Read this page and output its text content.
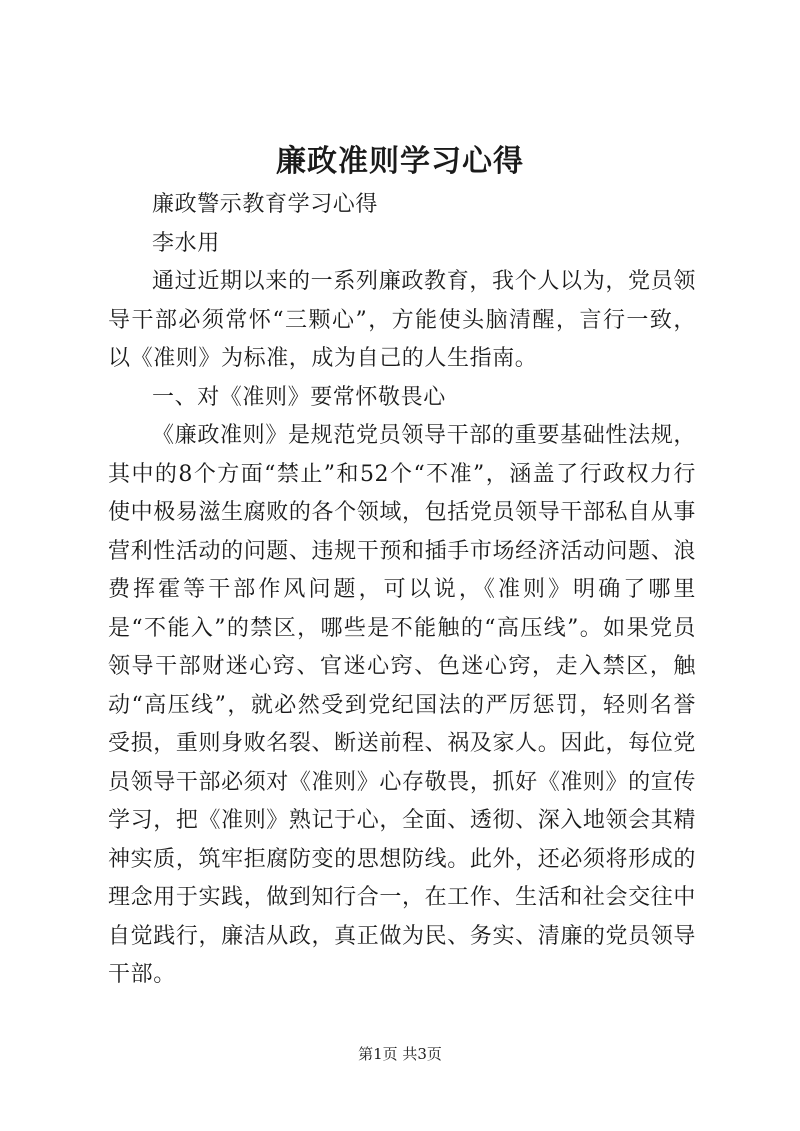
廉政准则学习心得

廉政警示教育学习心得

李水用

通过近期以来的一系列廉政教育，我个人以为，党员领导干部必须常怀“三颗心”，方能使头脑清醒，言行一致，以《准则》为标准，成为自己的人生指南。

一、对《准则》要常怀敬畏心

《廉政准则》是规范党员领导干部的重要基础性法规，其中的8个方面“禁止”和52个“不准”，涵盖了行政权力行使中极易滋生腐败的各个领域，包括党员领导干部私自从事营利性活动的问题、违规干预和插手市场经济活动问题、浪费挥霍等干部作风问题，可以说，《准则》明确了哪里是“不能入”的禁区，哪些是不能触的“高压线”。如果党员领导干部财迷心窍、官迷心窍、色迷心窍，走入禁区，触动“高压线”，就必然受到党纪国法的严厉惩罚，轻则名誉受损，重则身败名裂、断送前程、祸及家人。因此，每位党员领导干部必须对《准则》心存敬畏，抓好《准则》的宣传学习，把《准则》熟记于心，全面、透彻、深入地领会其精神实质，筑牢拒腐防变的思想防线。此外，还必须将形成的理念用于实践，做到知行合一，在工作、生活和社会交往中自觉践行，廉洁从政，真正做为民、务实、清廉的党员领导干部。

第1页 共3页
